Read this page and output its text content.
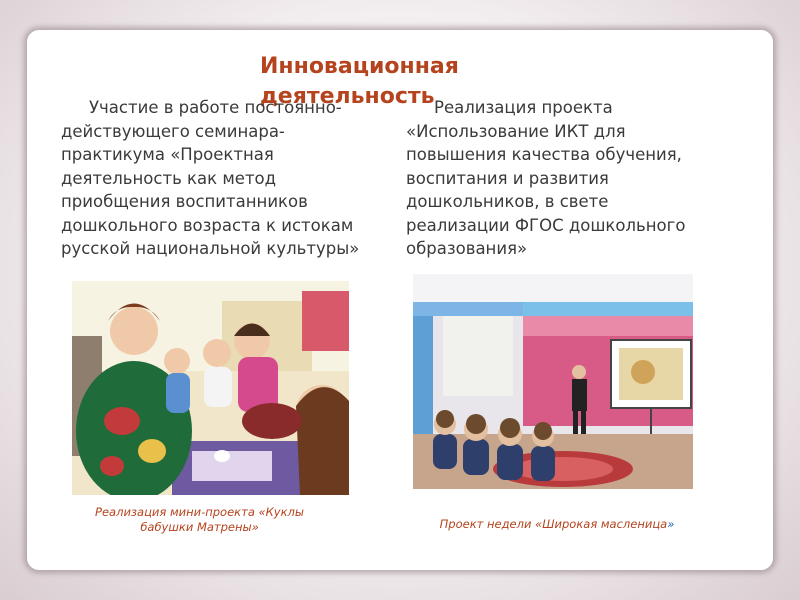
Инновационная деятельность
Участие в работе постоянно- действующего семинара-практикума «Проектная деятельность как метод приобщения воспитанников дошкольного возраста к истокам русской национальной культуры»
Реализация проекта «Использование ИКТ для повышения качества обучения, воспитания и развития дошкольников, в свете реализации ФГОС дошкольного образования»
Реализация мини-проекта «Куклы бабушки Матрены»	Проект недели «Широкая масленица»
